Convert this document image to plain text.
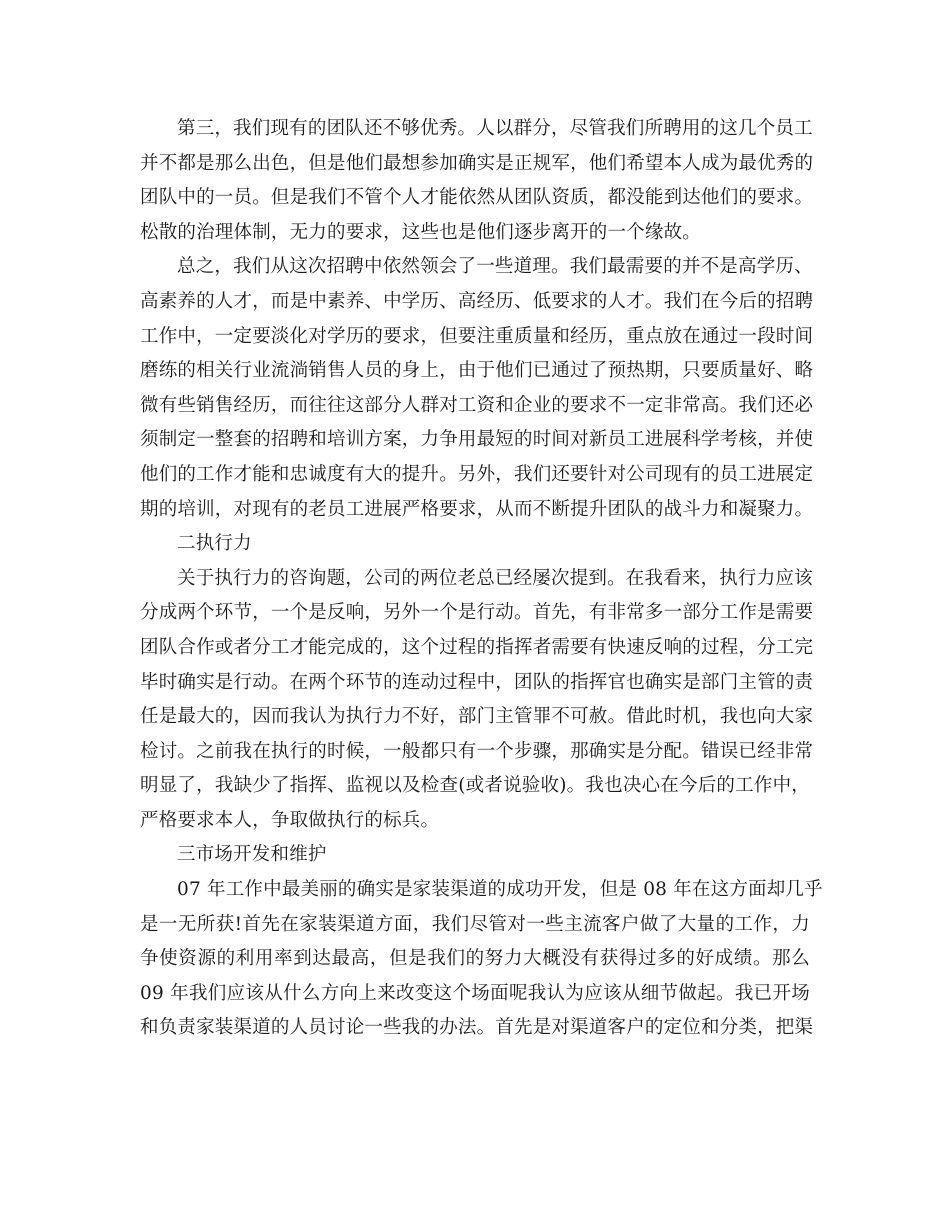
第三，我们现有的团队还不够优秀。人以群分，尽管我们所聘用的这几个员工
并不都是那么出色，但是他们最想参加确实是正规军，他们希望本人成为最优秀的
团队中的一员。但是我们不管个人才能依然从团队资质，都没能到达他们的要求。
松散的治理体制，无力的要求，这些也是他们逐步离开的一个缘故。
总之，我们从这次招聘中依然领会了一些道理。我们最需要的并不是高学历、
高素养的人才，而是中素养、中学历、高经历、低要求的人才。我们在今后的招聘
工作中，一定要淡化对学历的要求，但要注重质量和经历，重点放在通过一段时间
磨练的相关行业流淌销售人员的身上，由于他们已通过了预热期，只要质量好、略
微有些销售经历，而往往这部分人群对工资和企业的要求不一定非常高。我们还必
须制定一整套的招聘和培训方案，力争用最短的时间对新员工进展科学考核，并使
他们的工作才能和忠诚度有大的提升。另外，我们还要针对公司现有的员工进展定
期的培训，对现有的老员工进展严格要求，从而不断提升团队的战斗力和凝聚力。
二执行力
关于执行力的咨询题，公司的两位老总已经屡次提到。在我看来，执行力应该
分成两个环节，一个是反响，另外一个是行动。首先，有非常多一部分工作是需要
团队合作或者分工才能完成的，这个过程的指挥者需要有快速反响的过程，分工完
毕时确实是行动。在两个环节的连动过程中，团队的指挥官也确实是部门主管的责
任是最大的，因而我认为执行力不好，部门主管罪不可赦。借此时机，我也向大家
检讨。之前我在执行的时候，一般都只有一个步骤，那确实是分配。错误已经非常
明显了，我缺少了指挥、监视以及检查(或者说验收)。我也决心在今后的工作中，
严格要求本人，争取做执行的标兵。
三市场开发和维护
07 年工作中最美丽的确实是家装渠道的成功开发，但是 08 年在这方面却几乎
是一无所获!首先在家装渠道方面，我们尽管对一些主流客户做了大量的工作，力
争使资源的利用率到达最高，但是我们的努力大概没有获得过多的好成绩。那么
09 年我们应该从什么方向上来改变这个场面呢我认为应该从细节做起。我已开场
和负责家装渠道的人员讨论一些我的办法。首先是对渠道客户的定位和分类，把渠
